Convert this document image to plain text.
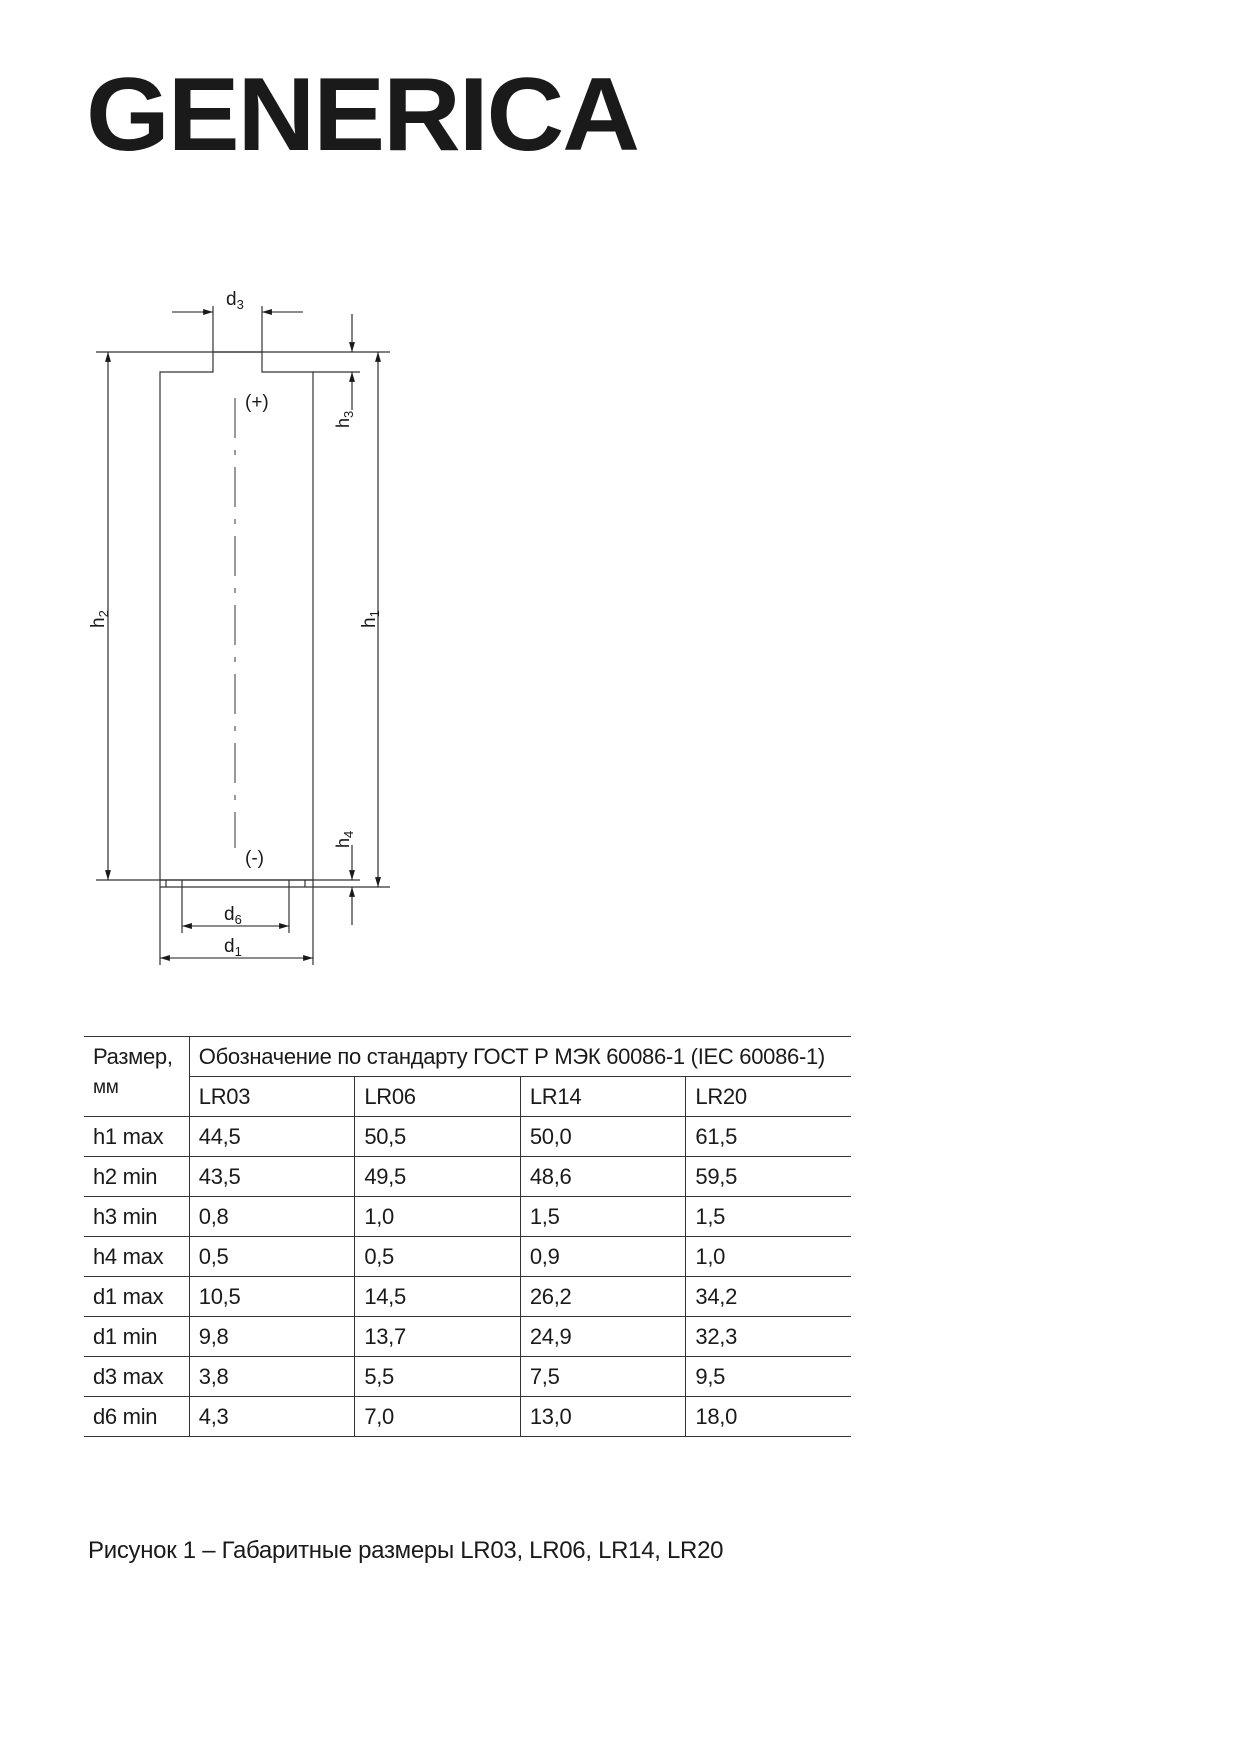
GENERICA
$d_3$
(+)
(-)
$d_6$
$d_1$
$h_2$
$h_1$
$h_3$
$h_4$
Размер,
мм	Обозначение по стандарту ГОСТ Р МЭК 60086-1 (IEC 60086-1)			
	LR03	LR06	LR14	LR20
h1 max	44,5	50,5	50,0	61,5
h2 min	43,5	49,5	48,6	59,5
h3 min	0,8	1,0	1,5	1,5
h4 max	0,5	0,5	0,9	1,0
d1 max	10,5	14,5	26,2	34,2
d1 min	9,8	13,7	24,9	32,3
d3 max	3,8	5,5	7,5	9,5
d6 min	4,3	7,0	13,0	18,0
Рисунок 1 – Габаритные размеры LR03, LR06, LR14, LR20
